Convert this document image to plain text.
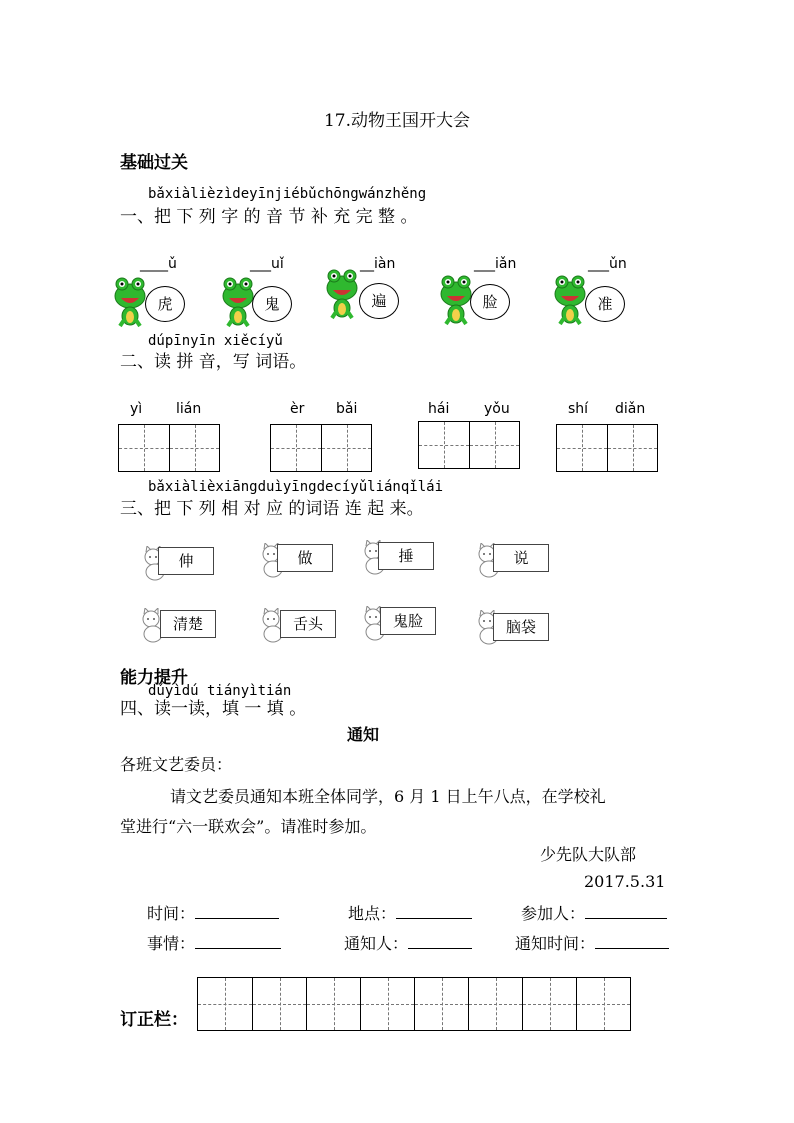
17.动物王国开大会
基础过关
bǎxiàlièzìdeyīnjiébǔchōngwánzhěng
一、把 下 列 字 的 音 节 补 充 完 整 。
____ǔ
虎
___uǐ
鬼
__iàn
遍
___iǎn
脸
___ǔn
准
dúpīnyīn xiěcíyǔ
二、读 拼 音，写 词语。
yì lián	èr bǎi	hái yǒu	shí diǎn
bǎxiàlièxiāngduìyīngdecíyǔliánqǐlái
三、把 下 列 相 对 应 的词语 连 起 来。
伸	做	捶	说
清楚	舌头	鬼脸	脑袋
能力提升
dúyìdú tiányìtián
四、读一读，填 一 填 。
通知
各班文艺委员：
请文艺委员通知本班全体同学，6 月 1 日上午八点，在学校礼
堂进行“六一联欢会”。请准时参加。
少先队大队部
2017.5.31
时间：	地点：	参加人：
事情：	通知人：	通知时间：
订正栏：
